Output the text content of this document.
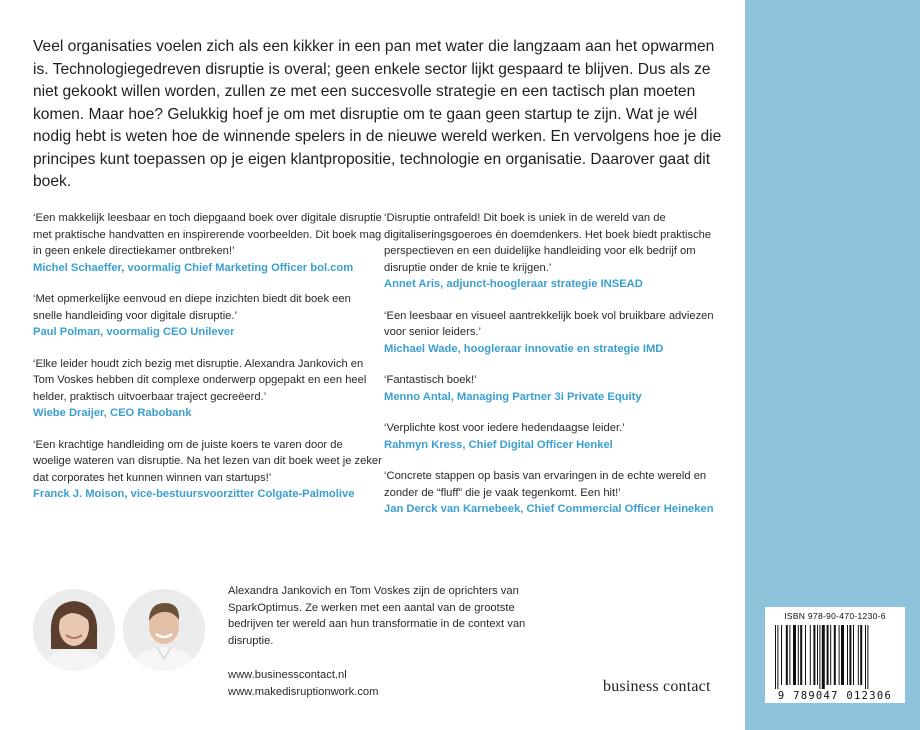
Veel organisaties voelen zich als een kikker in een pan met water die langzaam aan het opwarmen is. Technologiegedreven disruptie is overal; geen enkele sector lijkt gespaard te blijven. Dus als ze niet gekookt willen worden, zullen ze met een succesvolle strategie en een tactisch plan moeten komen. Maar hoe? Gelukkig hoef je om met disruptie om te gaan geen startup te zijn. Wat je wél nodig hebt is weten hoe de winnende spelers in de nieuwe wereld werken. En vervolgens hoe je die principes kunt toepassen op je eigen klantpropositie, technologie en organisatie. Daarover gaat dit boek.

‘Een makkelijk leesbaar en toch diepgaand boek over digitale disruptie met praktische handvatten en inspirerende voorbeelden. Dit boek mag in geen enkele directiekamer ontbreken!’

Michel Schaeffer, voormalig Chief Marketing Officer bol.com

‘Met opmerkelijke eenvoud en diepe inzichten biedt dit boek een snelle handleiding voor digitale disruptie.’

Paul Polman, voormalig CEO Unilever

‘Elke leider houdt zich bezig met disruptie. Alexandra Jankovich en Tom Voskes hebben dit complexe onderwerp opgepakt en een heel helder, praktisch uitvoerbaar traject gecreëerd.’

Wiebe Draijer, CEO Rabobank

‘Een krachtige handleiding om de juiste koers te varen door de woelige wateren van disruptie. Na het lezen van dit boek weet je zeker dat corporates het kunnen winnen van startups!’

Franck J. Moison, vice-bestuursvoorzitter Colgate-Palmolive

‘Disruptie ontrafeld! Dit boek is uniek in de wereld van de digitaliseringsgoeroes én doemdenkers. Het boek biedt praktische perspectieven en een duidelijke handleiding voor elk bedrijf om disruptie onder de knie te krijgen.’

Annet Aris, adjunct-hoogleraar strategie INSEAD

‘Een leesbaar en visueel aantrekkelijk boek vol bruikbare adviezen voor senior leiders.’

Michael Wade, hoogleraar innovatie en strategie IMD

‘Fantastisch boek!’

Menno Antal, Managing Partner 3i Private Equity

‘Verplichte kost voor iedere hedendaagse leider.’

Rahmyn Kress, Chief Digital Officer Henkel

‘Concrete stappen op basis van ervaringen in de echte wereld en zonder de “fluff” die je vaak tegenkomt. Een hit!’

Jan Derck van Karnebeek, Chief Commercial Officer Heineken

Alexandra Jankovich en Tom Voskes zijn de oprichters van SparkOptimus. Ze werken met een aantal van de grootste bedrijven ter wereld aan hun transformatie in de context van disruptie.

www.businesscontact.nl
www.makedisruptionwork.com	business contact
ISBN 978-90-470-1230-6
9 789047 012306
